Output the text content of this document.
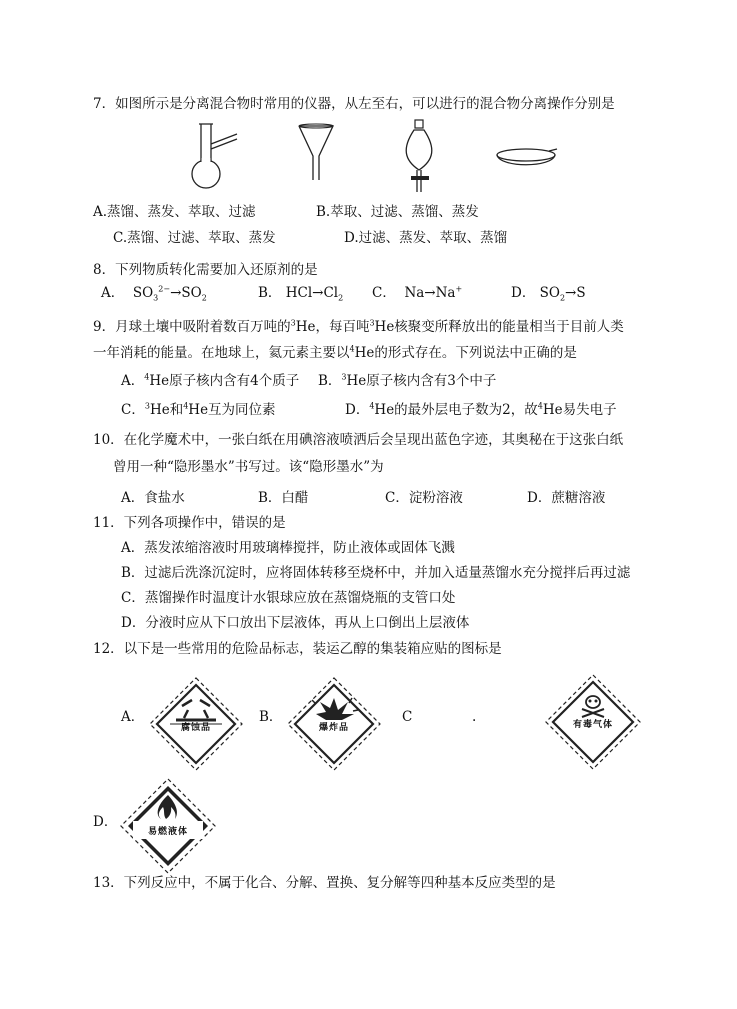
7．如图所示是分离混合物时常用的仪器，从左至右，可以进行的混合物分离操作分别是
A.蒸馏、蒸发、萃取、过滤	B.萃取、过滤、蒸馏、蒸发
C.蒸馏、过滤、萃取、蒸发	D.过滤、蒸发、萃取、蒸馏
8．下列物质转化需要加入还原剂的是
A． $SO_3^{2-}\to SO_2$	B． $HCl\to Cl_2$ C． Na→Na+	D． $SO_2\to S$
9．月球土壤中吸附着数百万吨的$^3$He，每百吨$^3$He核聚变所释放出的能量相当于目前人类
一年消耗的能量。在地球上，氦元素主要以$^4$He的形式存在。下列说法中正确的是
A．$^4$He原子核内含有4个质子 B．$^3$He原子核内含有3个中子
C．$^3$He和$^4$He互为同位素	D．$^4$He的最外层电子数为2，故$^4$He易失电子
10．在化学魔术中，一张白纸在用碘溶液喷洒后会呈现出蓝色字迹，其奥秘在于这张白纸
曾用一种“隐形墨水”书写过。该“隐形墨水”为
A．食盐水	B．白醋	C．淀粉溶液	D．蔗糖溶液
11．下列各项操作中，错误的是
A．蒸发浓缩溶液时用玻璃棒搅拌，防止液体或固体飞溅
B．过滤后洗涤沉淀时，应将固体转移至烧杯中，并加入适量蒸馏水充分搅拌后再过滤
C．蒸馏操作时温度计水银球应放在蒸馏烧瓶的支管口处
D．分液时应从下口放出下层液体，再从上口倒出上层液体
12．以下是一些常用的危险品标志，装运乙醇的集装箱应贴的图标是
A．
腐蚀品
B．
爆炸品
C	.	有毒气体
D．
易燃液体
13．下列反应中，不属于化合、分解、置换、复分解等四种基本反应类型的是
